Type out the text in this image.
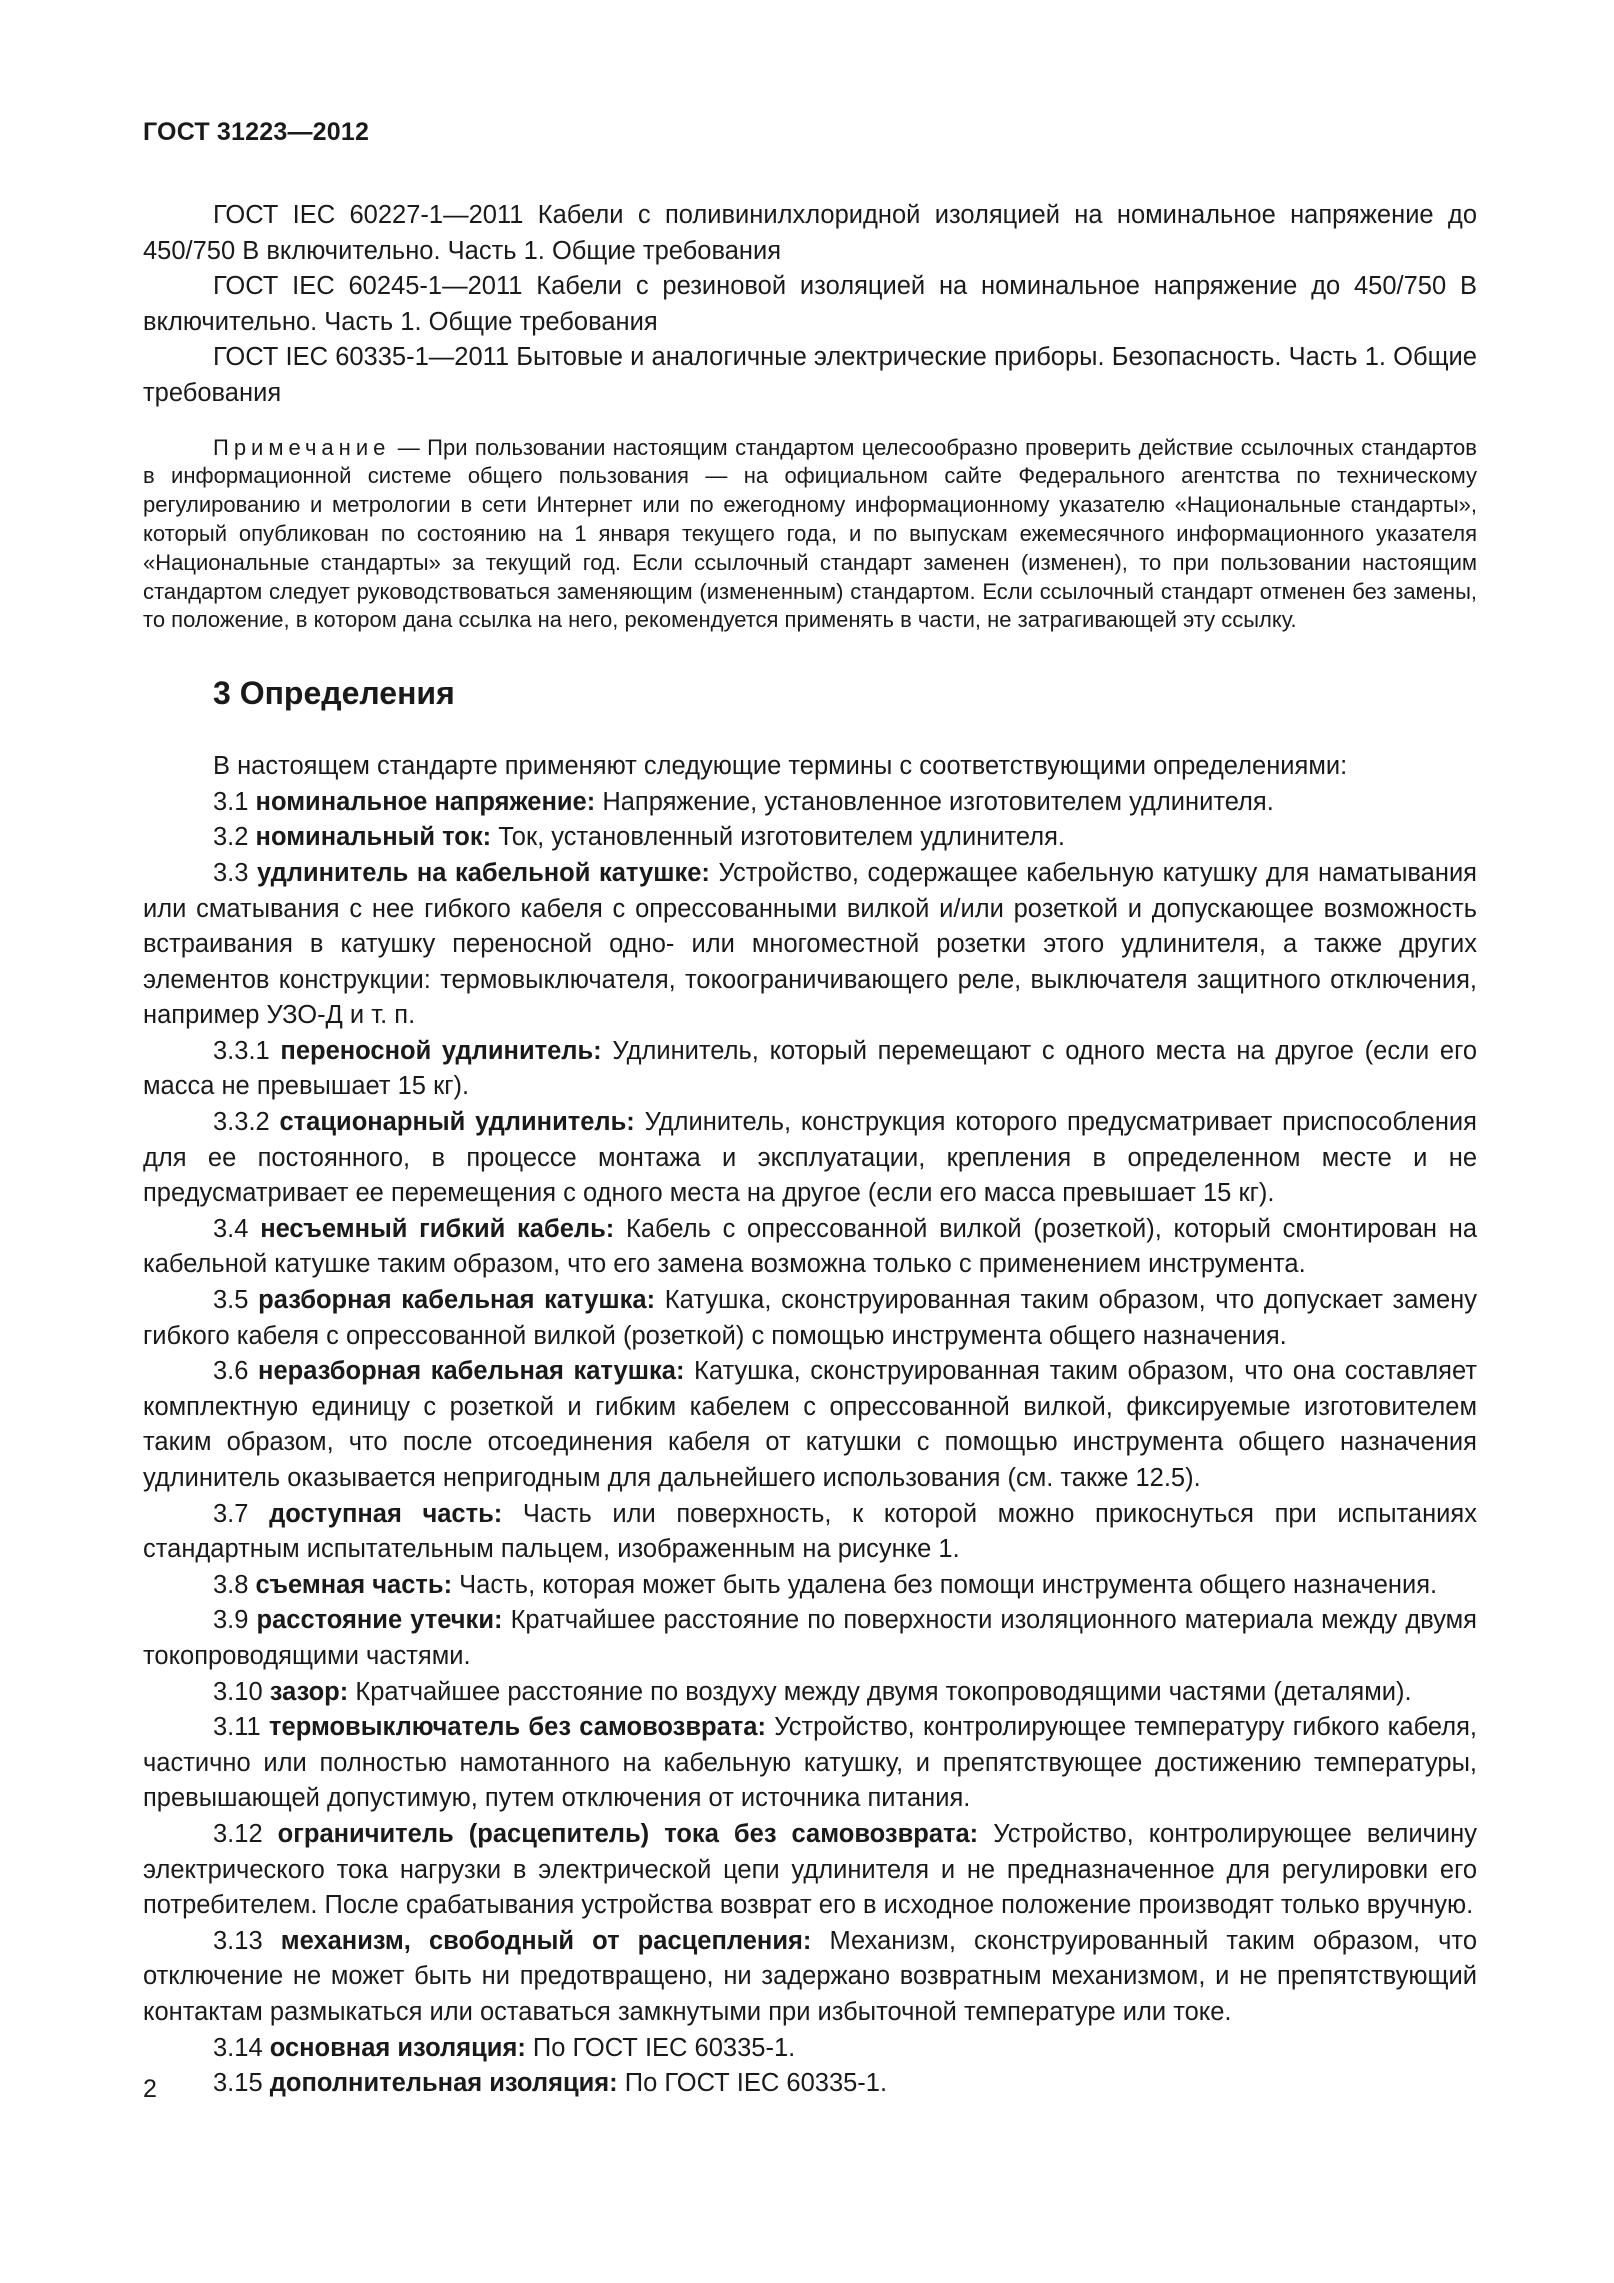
ГОСТ 31223—2012

ГОСТ IEC 60227-1—2011 Кабели с поливинилхлоридной изоляцией на номинальное напряжение до 450/750 В включительно. Часть 1. Общие требования

ГОСТ IEC 60245-1—2011 Кабели с резиновой изоляцией на номинальное напряжение до 450/750 В включительно. Часть 1. Общие требования

ГОСТ IEC 60335-1—2011 Бытовые и аналогичные электрические приборы. Безопасность. Часть 1. Общие требования

Примечание — При пользовании настоящим стандартом целесообразно проверить действие ссылочных стандартов в информационной системе общего пользования — на официальном сайте Федерального агентства по техническому регулированию и метрологии в сети Интернет или по ежегодному информационному указателю «Национальные стандарты», который опубликован по состоянию на 1 января текущего года, и по выпускам ежемесячного информационного указателя «Национальные стандарты» за текущий год. Если ссылочный стандарт заменен (изменен), то при пользовании настоящим стандартом следует руководствоваться заменяющим (измененным) стандартом. Если ссылочный стандарт отменен без замены, то положение, в котором дана ссылка на него, рекомендуется применять в части, не затрагивающей эту ссылку.

3 Определения

В настоящем стандарте применяют следующие термины с соответствующими определениями:

3.1 номинальное напряжение: Напряжение, установленное изготовителем удлинителя.

3.2 номинальный ток: Ток, установленный изготовителем удлинителя.

3.3 удлинитель на кабельной катушке: Устройство, содержащее кабельную катушку для наматывания или сматывания с нее гибкого кабеля с опрессованными вилкой и/или розеткой и допускающее возможность встраивания в катушку переносной одно- или многоместной розетки этого удлинителя, а также других элементов конструкции: термовыключателя, токоограничивающего реле, выключателя защитного отключения, например УЗО-Д и т. п.

3.3.1 переносной удлинитель: Удлинитель, который перемещают с одного места на другое (если его масса не превышает 15 кг).

3.3.2 стационарный удлинитель: Удлинитель, конструкция которого предусматривает приспособления для ее постоянного, в процессе монтажа и эксплуатации, крепления в определенном месте и не предусматривает ее перемещения с одного места на другое (если его масса превышает 15 кг).

3.4 несъемный гибкий кабель: Кабель с опрессованной вилкой (розеткой), который смонтирован на кабельной катушке таким образом, что его замена возможна только с применением инструмента.

3.5 разборная кабельная катушка: Катушка, сконструированная таким образом, что допускает замену гибкого кабеля с опрессованной вилкой (розеткой) с помощью инструмента общего назначения.

3.6 неразборная кабельная катушка: Катушка, сконструированная таким образом, что она составляет комплектную единицу с розеткой и гибким кабелем с опрессованной вилкой, фиксируемые изготовителем таким образом, что после отсоединения кабеля от катушки с помощью инструмента общего назначения удлинитель оказывается непригодным для дальнейшего использования (см. также 12.5).

3.7 доступная часть: Часть или поверхность, к которой можно прикоснуться при испытаниях стандартным испытательным пальцем, изображенным на рисунке 1.

3.8 съемная часть: Часть, которая может быть удалена без помощи инструмента общего назначения.

3.9 расстояние утечки: Кратчайшее расстояние по поверхности изоляционного материала между двумя токопроводящими частями.

3.10 зазор: Кратчайшее расстояние по воздуху между двумя токопроводящими частями (деталями).

3.11 термовыключатель без самовозврата: Устройство, контролирующее температуру гибкого кабеля, частично или полностью намотанного на кабельную катушку, и препятствующее достижению температуры, превышающей допустимую, путем отключения от источника питания.

3.12 ограничитель (расцепитель) тока без самовозврата: Устройство, контролирующее величину электрического тока нагрузки в электрической цепи удлинителя и не предназначенное для регулировки его потребителем. После срабатывания устройства возврат его в исходное положение производят только вручную.

3.13 механизм, свободный от расцепления: Механизм, сконструированный таким образом, что отключение не может быть ни предотвращено, ни задержано возвратным механизмом, и не препятствующий контактам размыкаться или оставаться замкнутыми при избыточной температуре или токе.

3.14 основная изоляция: По ГОСТ IEC 60335-1.

3.15 дополнительная изоляция: По ГОСТ IEC 60335-1.

2
